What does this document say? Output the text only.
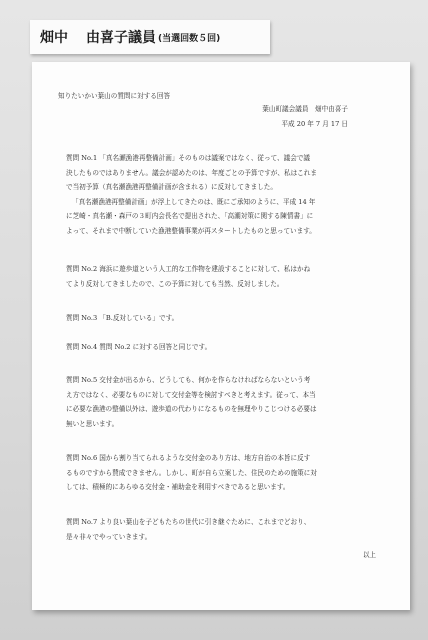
畑中 由喜子議員 (当選回数５回)
知りたいかい葉山の質問に対する回答
葉山町議会議員　畑中由喜子
平成 20 年 7 月 17 日
質問 No.1 「真名瀬漁港再整備計画」そのものは議案ではなく、従って、議会で議
決したものではありません。議会が認めたのは、年度ごとの予算ですが、私はこれま
で当初予算（真名瀬漁港再整備計画が含まれる）に反対してきました。
「真名瀬漁港再整備計画」が浮上してきたのは、既にご承知のように、平成 14 年
に芝崎・真名瀬・森戸の３町内会長名で提出された、「高潮対策に関する陳情書」に
よって、それまで中断していた漁港整備事業が再スタートしたものと思っています。
質問 No.2 海浜に遊歩道という人工的な工作物を建設することに対して、私はかね
てより反対してきましたので、この予算に対しても当然、反対しました。
質問 No.3 「B.反対している」です。
質問 No.4 質問 No.2 に対する回答と同じです。
質問 No.5 交付金が出るから、どうしても、何かを作らなければならないという考
え方ではなく、必要なものに対して交付金等を検討すべきと考えます。従って、本当
に必要な漁港の整備以外は、遊歩道の代わりになるものを無理やりこじつける必要は
無いと思います。
質問 No.6 国から割り当てられるような交付金のあり方は、地方自治の本旨に反す
るものですから賛成できません。しかし、町が自ら立案した、住民のための施策に対
しては、積極的にあらゆる交付金・補助金を利用すべきであると思います。
質問 No.7 より良い葉山を子どもたちの世代に引き継ぐために、これまでどおり、
是々非々でやっていきます。
以上
